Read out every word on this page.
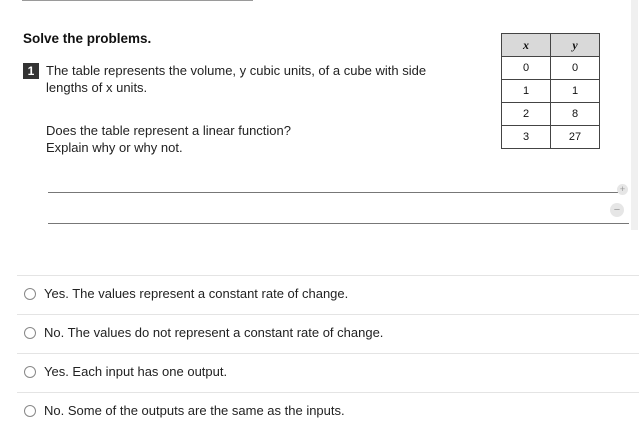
Solve the problems.
1 The table represents the volume, y cubic units, of a cube with side lengths of x units.
Does the table represent a linear function?
Explain why or why not.
x	y
0	0
1	1
2	8
3	27
+
−
Yes. The values represent a constant rate of change.
No. The values do not represent a constant rate of change.
Yes. Each input has one output.
No. Some of the outputs are the same as the inputs.
